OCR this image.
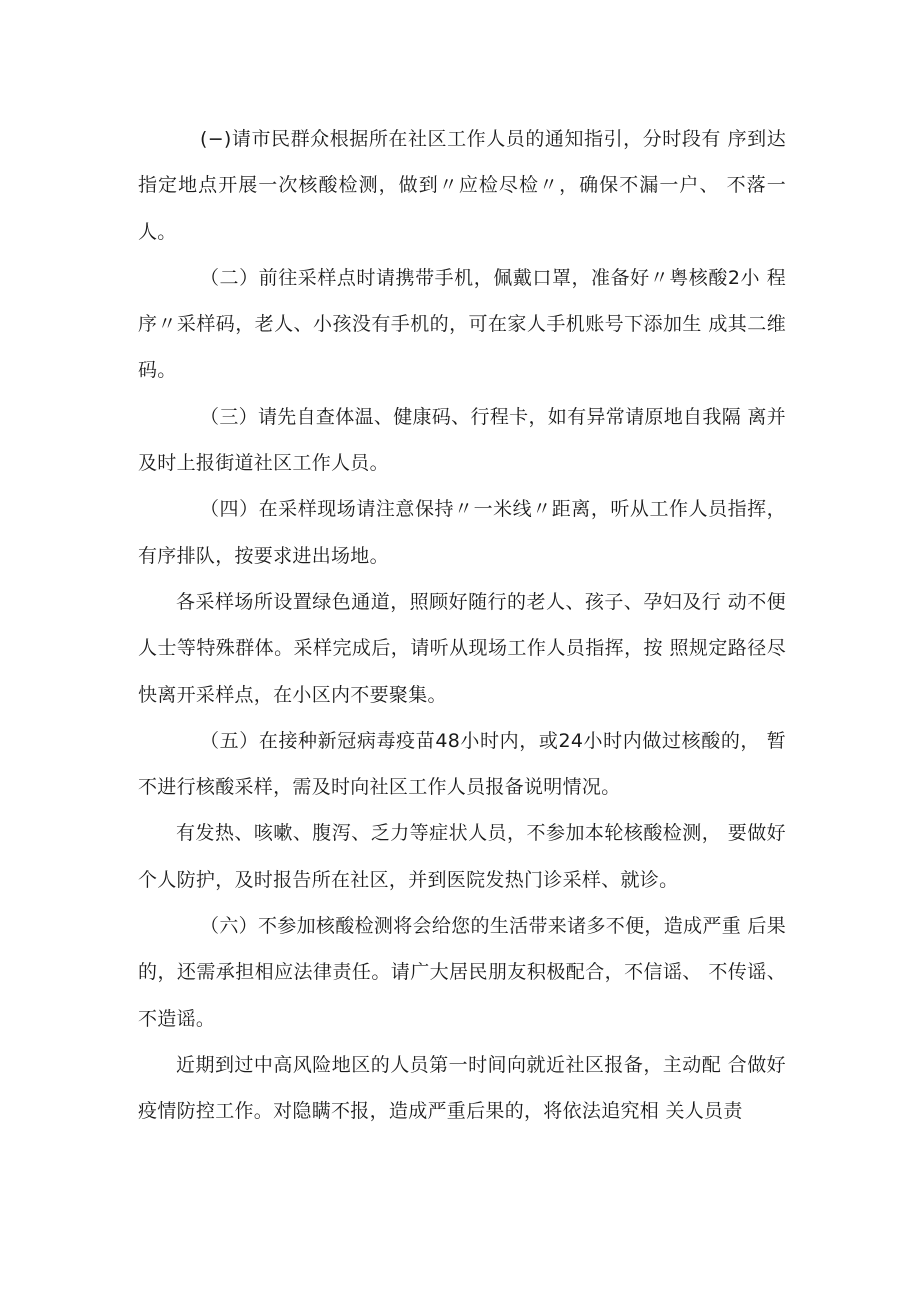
(−)请市民群众根据所在社区工作人员的通知指引，分时段有 序到达指定地点开展一次核酸检测，做到〃应检尽检〃，确保不漏一户、 不落一人。

（二）前往采样点时请携带手机，佩戴口罩，准备好〃粤核酸2小 程序〃采样码，老人、小孩没有手机的，可在家人手机账号下添加生 成其二维码。

（三）请先自查体温、健康码、行程卡，如有异常请原地自我隔 离并及时上报街道社区工作人员。

（四）在采样现场请注意保持〃一米线〃距离，听从工作人员指挥，有序排队，按要求进出场地。

各采样场所设置绿色通道，照顾好随行的老人、孩子、孕妇及行 动不便人士等特殊群体。采样完成后，请听从现场工作人员指挥，按 照规定路径尽快离开采样点，在小区内不要聚集。

（五）在接种新冠病毒疫苗48小时内，或24小时内做过核酸的， 暂不进行核酸采样，需及时向社区工作人员报备说明情况。

有发热、咳嗽、腹泻、乏力等症状人员，不参加本轮核酸检测， 要做好个人防护，及时报告所在社区，并到医院发热门诊采样、就诊。

（六）不参加核酸检测将会给您的生活带来诸多不便，造成严重 后果的，还需承担相应法律责任。请广大居民朋友积极配合，不信谣、 不传谣、不造谣。

近期到过中高风险地区的人员第一时间向就近社区报备，主动配 合做好疫情防控工作。对隐瞒不报，造成严重后果的，将依法追究相 关人员责
